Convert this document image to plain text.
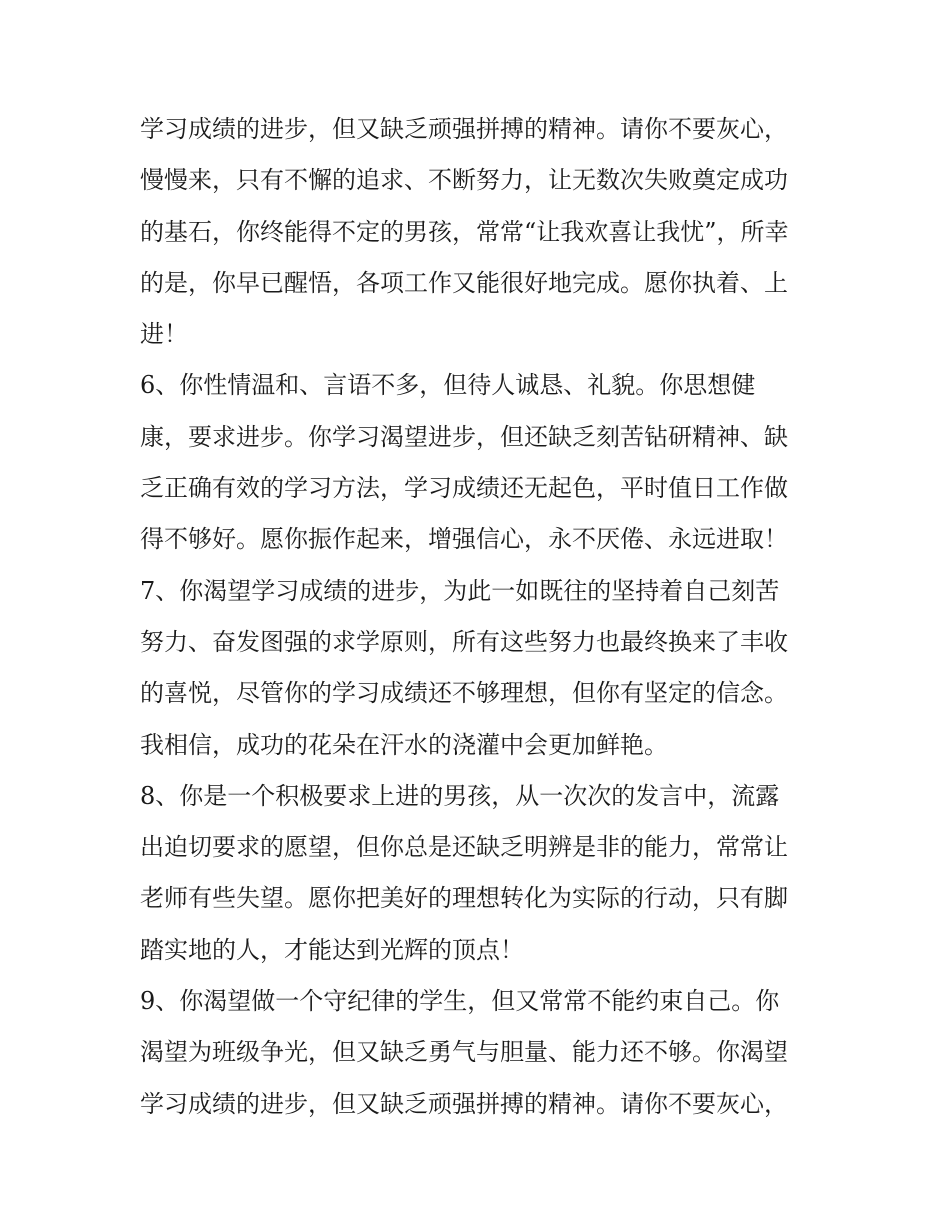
学习成绩的进步，但又缺乏顽强拼搏的精神。请你不要灰心，
慢慢来，只有不懈的追求、不断努力，让无数次失败奠定成功
的基石，你终能得不定的男孩，常常“让我欢喜让我忧”，所幸
的是，你早已醒悟，各项工作又能很好地完成。愿你执着、上
进！
6、你性情温和、言语不多，但待人诚恳、礼貌。你思想健
康，要求进步。你学习渴望进步，但还缺乏刻苦钻研精神、缺
乏正确有效的学习方法，学习成绩还无起色，平时值日工作做
得不够好。愿你振作起来，增强信心，永不厌倦、永远进取！
7、你渴望学习成绩的进步，为此一如既往的坚持着自己刻苦
努力、奋发图强的求学原则，所有这些努力也最终换来了丰收
的喜悦，尽管你的学习成绩还不够理想，但你有坚定的信念。
我相信，成功的花朵在汗水的浇灌中会更加鲜艳。
8、你是一个积极要求上进的男孩，从一次次的发言中，流露
出迫切要求的愿望，但你总是还缺乏明辨是非的能力，常常让
老师有些失望。愿你把美好的理想转化为实际的行动，只有脚
踏实地的人，才能达到光辉的顶点！
9、你渴望做一个守纪律的学生，但又常常不能约束自己。你
渴望为班级争光，但又缺乏勇气与胆量、能力还不够。你渴望
学习成绩的进步，但又缺乏顽强拼搏的精神。请你不要灰心，
